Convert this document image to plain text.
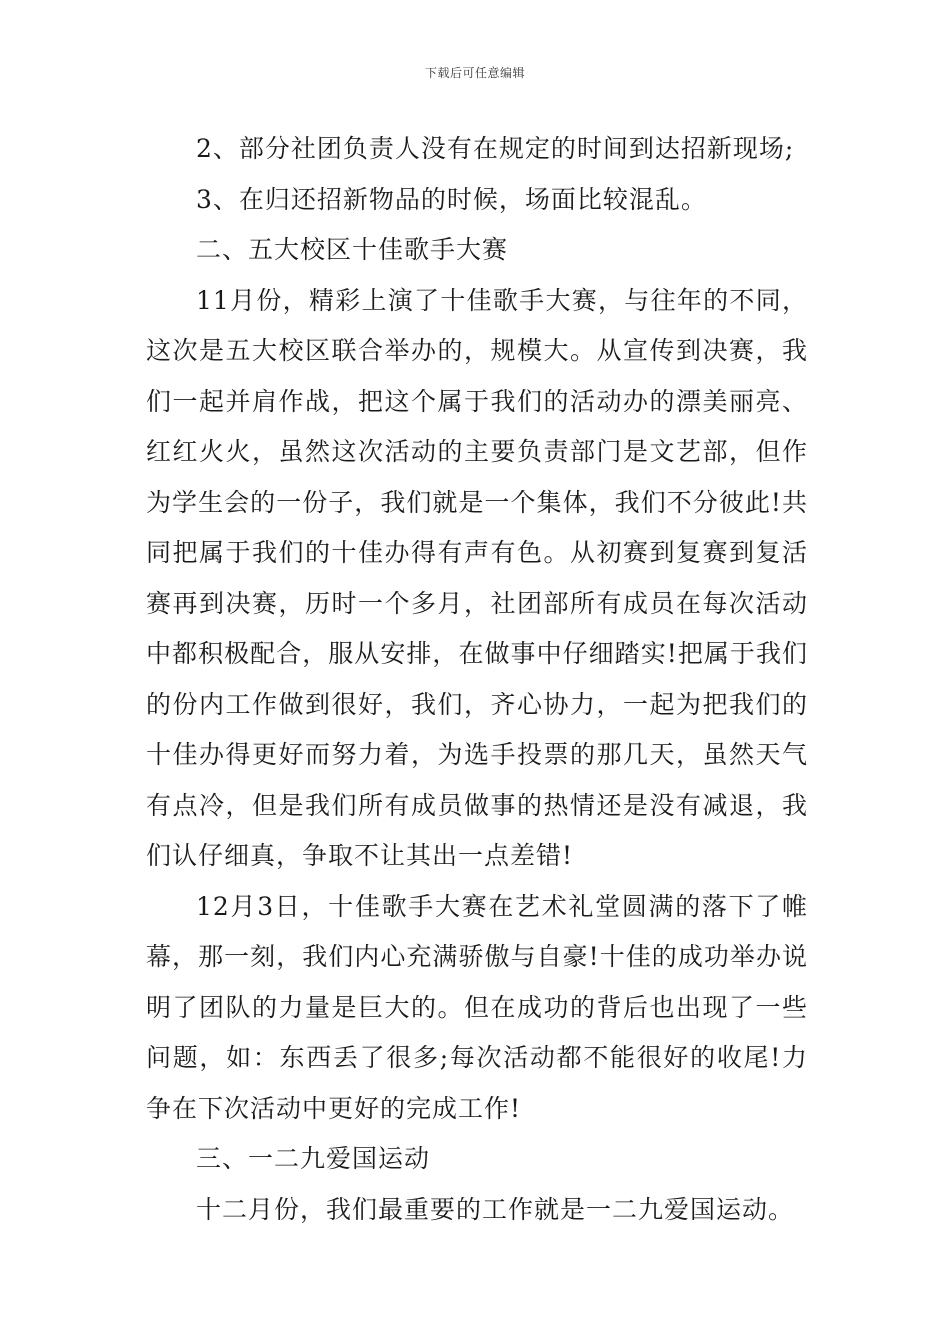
下载后可任意编辑

2、部分社团负责人没有在规定的时间到达招新现场;

3、在归还招新物品的时候，场面比较混乱。

二、五大校区十佳歌手大赛

11月份，精彩上演了十佳歌手大赛，与往年的不同，这次是五大校区联合举办的，规模大。从宣传到决赛，我们一起并肩作战，把这个属于我们的活动办的漂美丽亮、红红火火，虽然这次活动的主要负责部门是文艺部，但作为学生会的一份子，我们就是一个集体，我们不分彼此!共同把属于我们的十佳办得有声有色。从初赛到复赛到复活赛再到决赛，历时一个多月，社团部所有成员在每次活动中都积极配合，服从安排，在做事中仔细踏实!把属于我们的份内工作做到很好，我们，齐心协力，一起为把我们的十佳办得更好而努力着，为选手投票的那几天，虽然天气有点冷，但是我们所有成员做事的热情还是没有减退，我们认仔细真，争取不让其出一点差错!

12月3日，十佳歌手大赛在艺术礼堂圆满的落下了帷幕，那一刻，我们内心充满骄傲与自豪!十佳的成功举办说明了团队的力量是巨大的。但在成功的背后也出现了一些问题，如：东西丢了很多;每次活动都不能很好的收尾!力争在下次活动中更好的完成工作!

三、一二九爱国运动

十二月份，我们最重要的工作就是一二九爱国运动。
